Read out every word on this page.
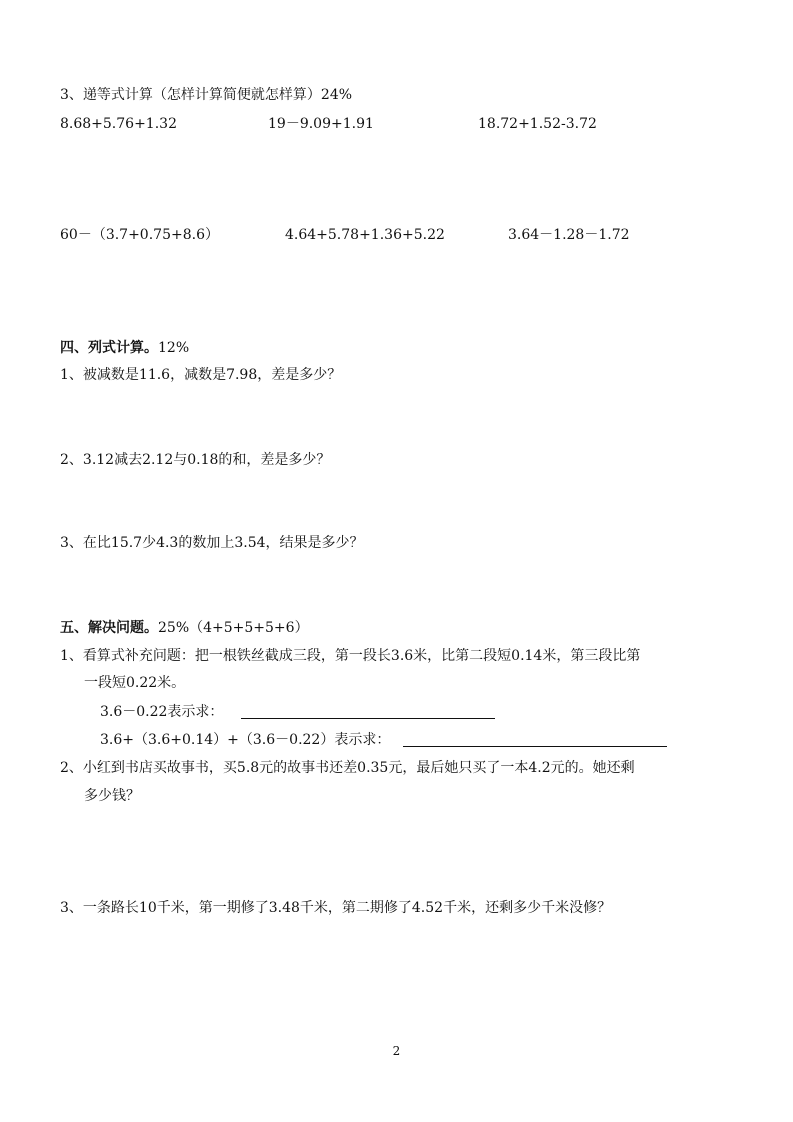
3、递等式计算（怎样计算简便就怎样算）24%
8.68+5.76+1.32	19－9.09+1.91	18.72+1.52-3.72
60－（3.7+0.75+8.6）	4.64+5.78+1.36+5.22	3.64－1.28－1.72
四、列式计算。12%
1、被减数是11.6，减数是7.98，差是多少？
2、3.12减去2.12与0.18的和，差是多少？
3、在比15.7少4.3的数加上3.54，结果是多少？
五、解决问题。25%（4+5+5+5+6）
1、看算式补充问题：把一根铁丝截成三段，第一段长3.6米，比第二段短0.14米，第三段比第
一段短0.22米。
3.6－0.22表示求：
3.6+（3.6+0.14）+（3.6－0.22）表示求：
2、小红到书店买故事书，买5.8元的故事书还差0.35元，最后她只买了一本4.2元的。她还剩
多少钱？
3、一条路长10千米，第一期修了3.48千米，第二期修了4.52千米，还剩多少千米没修？
2
